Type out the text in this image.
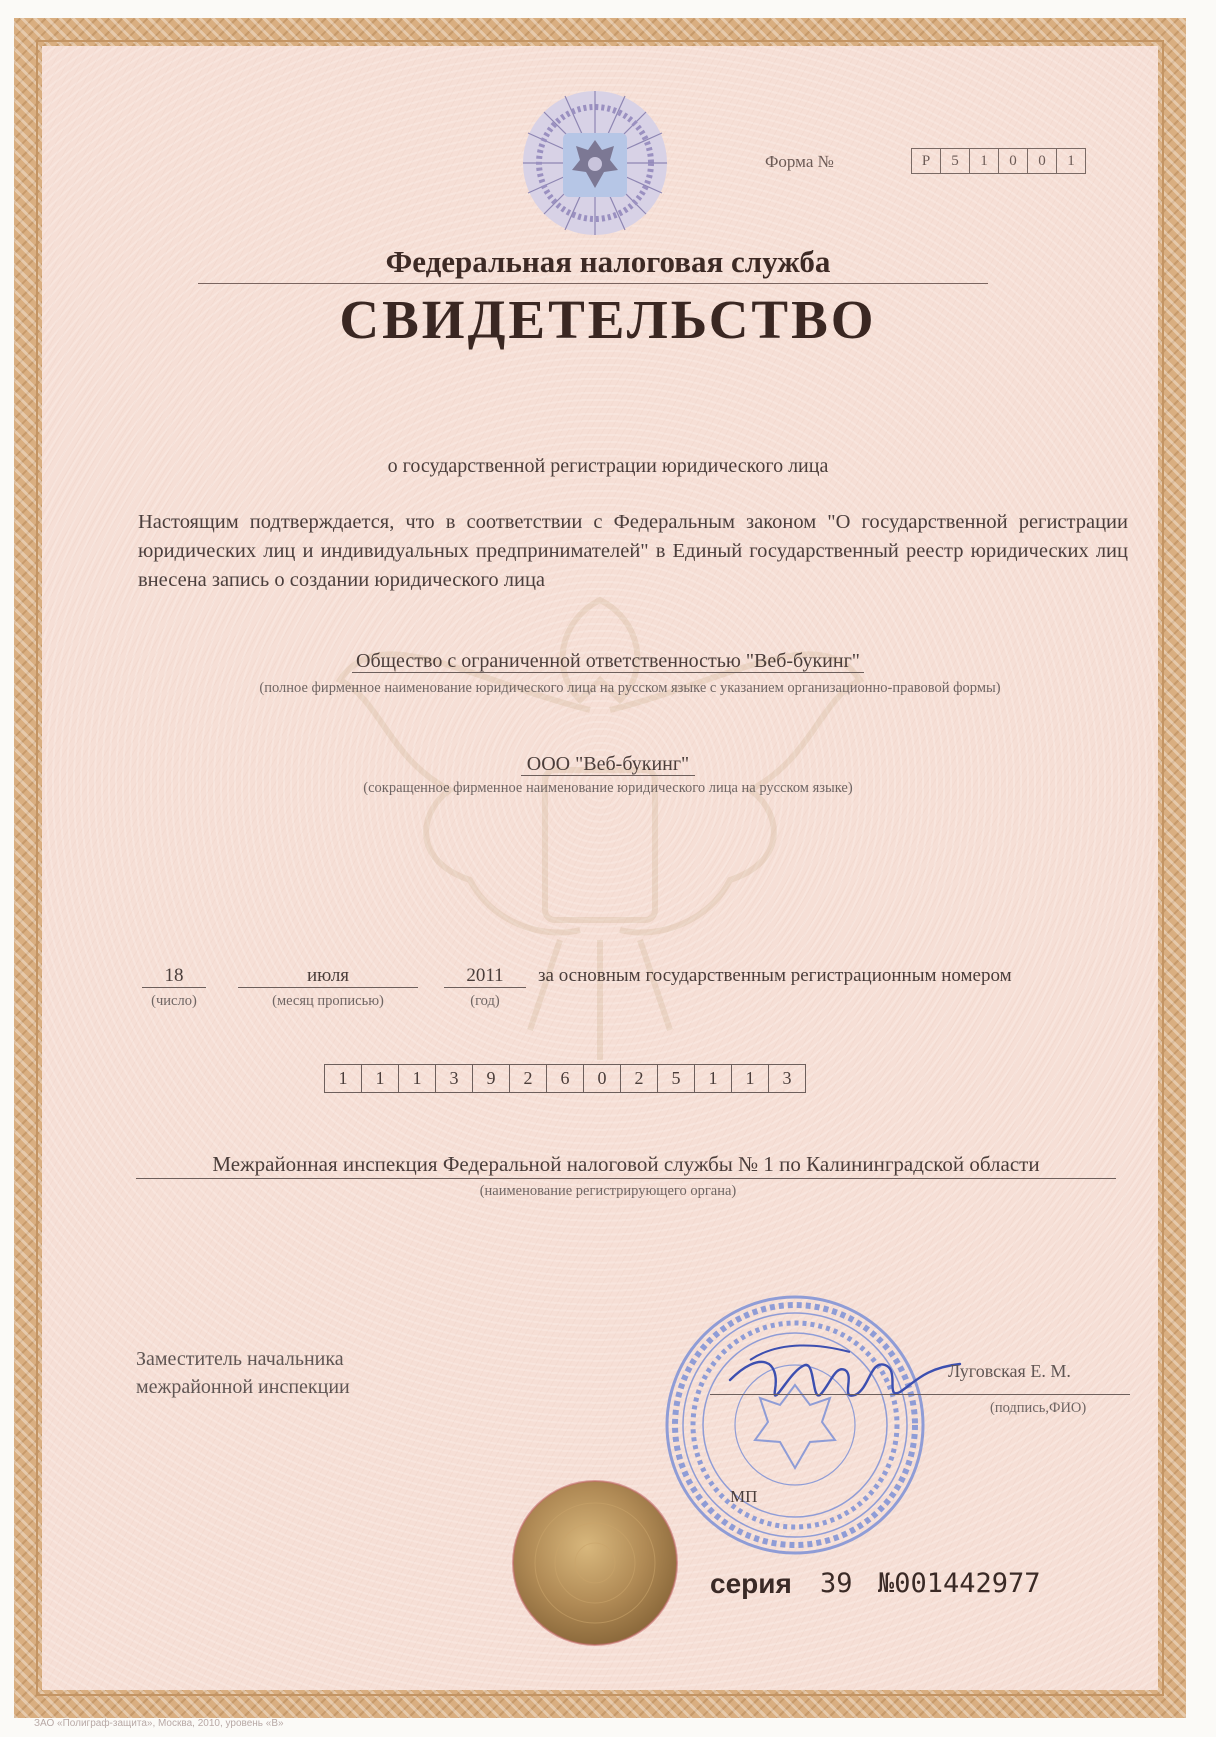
Форма №	Р	5	1	0	0	1
Федеральная налоговая служба
СВИДЕТЕЛЬСТВО
о государственной регистрации юридического лица
Настоящим подтверждается, что в соответствии с Федеральным законом "О государственной регистрации юридических лиц и индивидуальных предпринимателей" в Единый государственный реестр юридических лиц внесена запись о создании юридического лица
Общество с ограниченной ответственностью "Веб-букинг"
(полное фирменное наименование юридического лица на русском языке с указанием организационно-правовой формы)
ООО "Веб-букинг"
(сокращенное фирменное наименование юридического лица на русском языке)
18
(число)
июля
(месяц прописью)
2011
(год)
за основным государственным регистрационным номером
1	1	1	3	9	2	6	0	2	5	1	1	3
Межрайонная инспекция Федеральной налоговой службы № 1 по Калининградской области
(наименование регистрирующего органа)
Заместитель начальника
межрайонной инспекции
Луговская Е. М.
(подпись,ФИО)
МП
серия 39 №001442977
ЗАО «Полиграф-защита», Москва, 2010, уровень «В»
